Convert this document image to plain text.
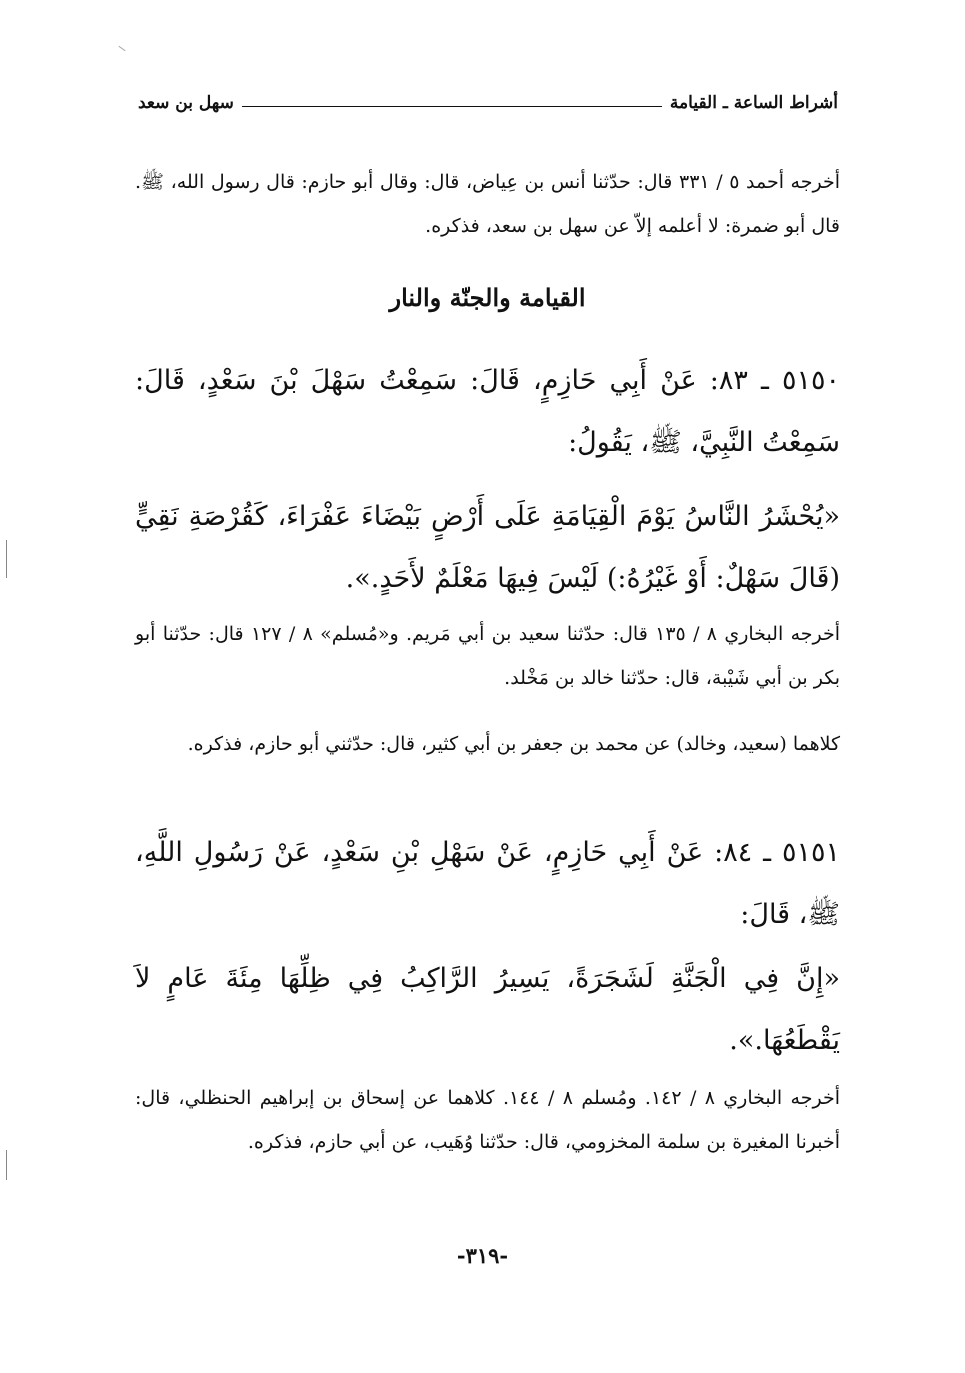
أشراط الساعة ـ القيامة
سهل بن سعد
أخرجه أحمد ٥ / ٣٣١ قال: حدّثنا أنس بن عِياض، قال: وقال أبو حازم: قال رسول الله، ﷺ. قال أبو ضمرة: لا أعلمه إلاّ عن سهل بن سعد، فذكره.
القيامة والجنّة والنار
٥١٥٠ ـ ٨٣: عَنْ أَبِي حَازِمٍ، قَالَ: سَمِعْتُ سَهْلَ بْنَ سَعْدٍ، قَالَ: سَمِعْتُ النَّبِيَّ، ﷺ، يَقُولُ:
«يُحْشَرُ النَّاسُ يَوْمَ الْقِيَامَةِ عَلَى أَرْضٍ بَيْضَاءَ عَفْرَاءَ، كَقُرْصَةِ نَقِيٍّ (قَالَ سَهْلٌ: أَوْ غَيْرُهُ:) لَيْسَ فِيهَا مَعْلَمٌ لأَحَدٍ.».
أخرجه البخاري ٨ / ١٣٥ قال: حدّثنا سعيد بن أبي مَريم. و«مُسلم» ٨ / ١٢٧ قال: حدّثنا أبو بكر بن أبي شَيْبة، قال: حدّثنا خالد بن مَخْلد.
كلاهما (سعيد، وخالد) عن محمد بن جعفر بن أبي كثير، قال: حدّثني أبو حازم، فذكره.
٥١٥١ ـ ٨٤: عَنْ أَبِي حَازِمٍ، عَنْ سَهْلِ بْنِ سَعْدٍ، عَنْ رَسُولِ اللَّهِ، ﷺ، قَالَ:
«إِنَّ فِي الْجَنَّةِ لَشَجَرَةً، يَسِيرُ الرَّاكِبُ فِي ظِلِّهَا مِئَةَ عَامٍ لاَ يَقْطَعُهَا.».
أخرجه البخاري ٨ / ١٤٢. ومُسلم ٨ / ١٤٤. كلاهما عن إسحاق بن إبراهيم الحنظلي، قال: أخبرنا المغيرة بن سلمة المخزومي، قال: حدّثنا وُهَيب، عن أبي حازم، فذكره.
-٣١٩-
